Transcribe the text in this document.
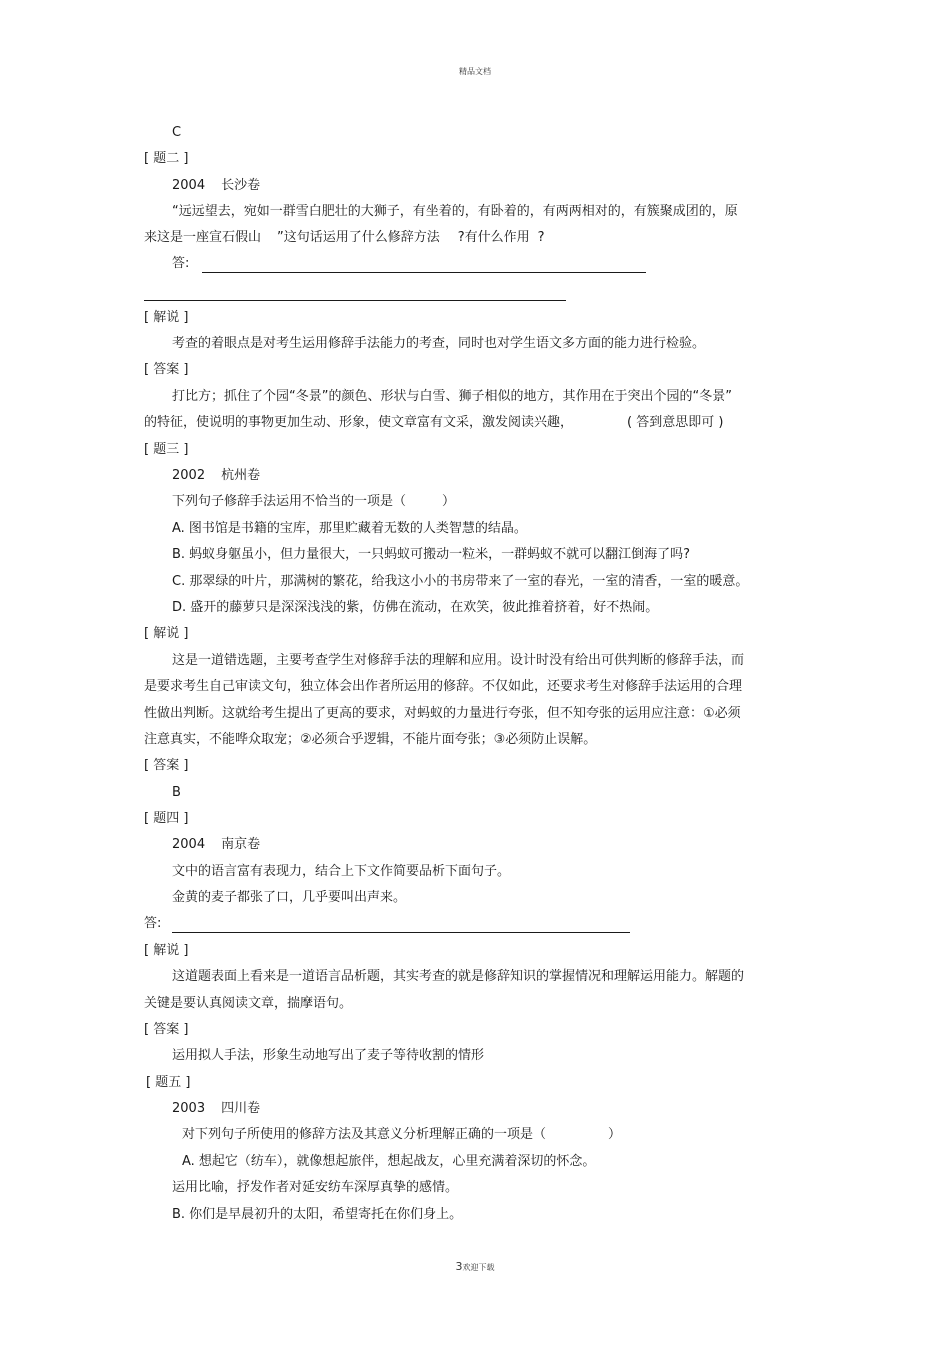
精品文档
C
[ 题二 ]
2004 长沙卷
“远远望去，宛如一群雪白肥壮的大狮子，有坐着的，有卧着的，有两两相对的，有簇聚成团的，原
来这是一座宣石假山 ”这句话运用了什么修辞方法 ?有什么作用 ?
答:
[ 解说 ]
考查的着眼点是对考生运用修辞手法能力的考查，同时也对学生语文多方面的能力进行检验。
[ 答案 ]
打比方；抓住了个园“冬景”的颜色、形状与白雪、狮子相似的地方，其作用在于突出个园的“冬景”
的特征，使说明的事物更加生动、形象，使文章富有文采，激发阅读兴趣，	( 答到意思即可 )
[ 题三 ]
2002 杭州卷
下列句子修辞手法运用不恰当的一项是（	）
A. 图书馆是书籍的宝库，那里贮藏着无数的人类智慧的结晶。
B. 蚂蚁身躯虽小，但力量很大，一只蚂蚁可搬动一粒米，一群蚂蚁不就可以翻江倒海了吗?
C. 那翠绿的叶片，那满树的繁花，给我这小小的书房带来了一室的春光，一室的清香，一室的暖意。
D. 盛开的藤萝只是深深浅浅的紫，仿佛在流动，在欢笑，彼此推着挤着，好不热闹。
[ 解说 ]
这是一道错选题，主要考查学生对修辞手法的理解和应用。设计时没有给出可供判断的修辞手法，而
是要求考生自己审读文句，独立体会出作者所运用的修辞。不仅如此，还要求考生对修辞手法运用的合理
性做出判断。这就给考生提出了更高的要求，对蚂蚁的力量进行夸张，但不知夸张的运用应注意：①必须
注意真实，不能哗众取宠；②必须合乎逻辑，不能片面夸张；③必须防止误解。
[ 答案 ]
B
[ 题四 ]
2004 南京卷
文中的语言富有表现力，结合上下文作简要品析下面句子。
金黄的麦子都张了口，几乎要叫出声来。
答:
[ 解说 ]
这道题表面上看来是一道语言品析题，其实考查的就是修辞知识的掌握情况和理解运用能力。解题的
关键是要认真阅读文章，揣摩语句。
[ 答案 ]
运用拟人手法，形象生动地写出了麦子等待收割的情形
[ 题五 ]
2003 四川卷
对下列句子所使用的修辞方法及其意义分析理解正确的一项是（	）
A. 想起它（纺车），就像想起旅伴，想起战友，心里充满着深切的怀念。
运用比喻，抒发作者对延安纺车深厚真挚的感情。
B. 你们是早晨初升的太阳，希望寄托在你们身上。
3欢迎下载
